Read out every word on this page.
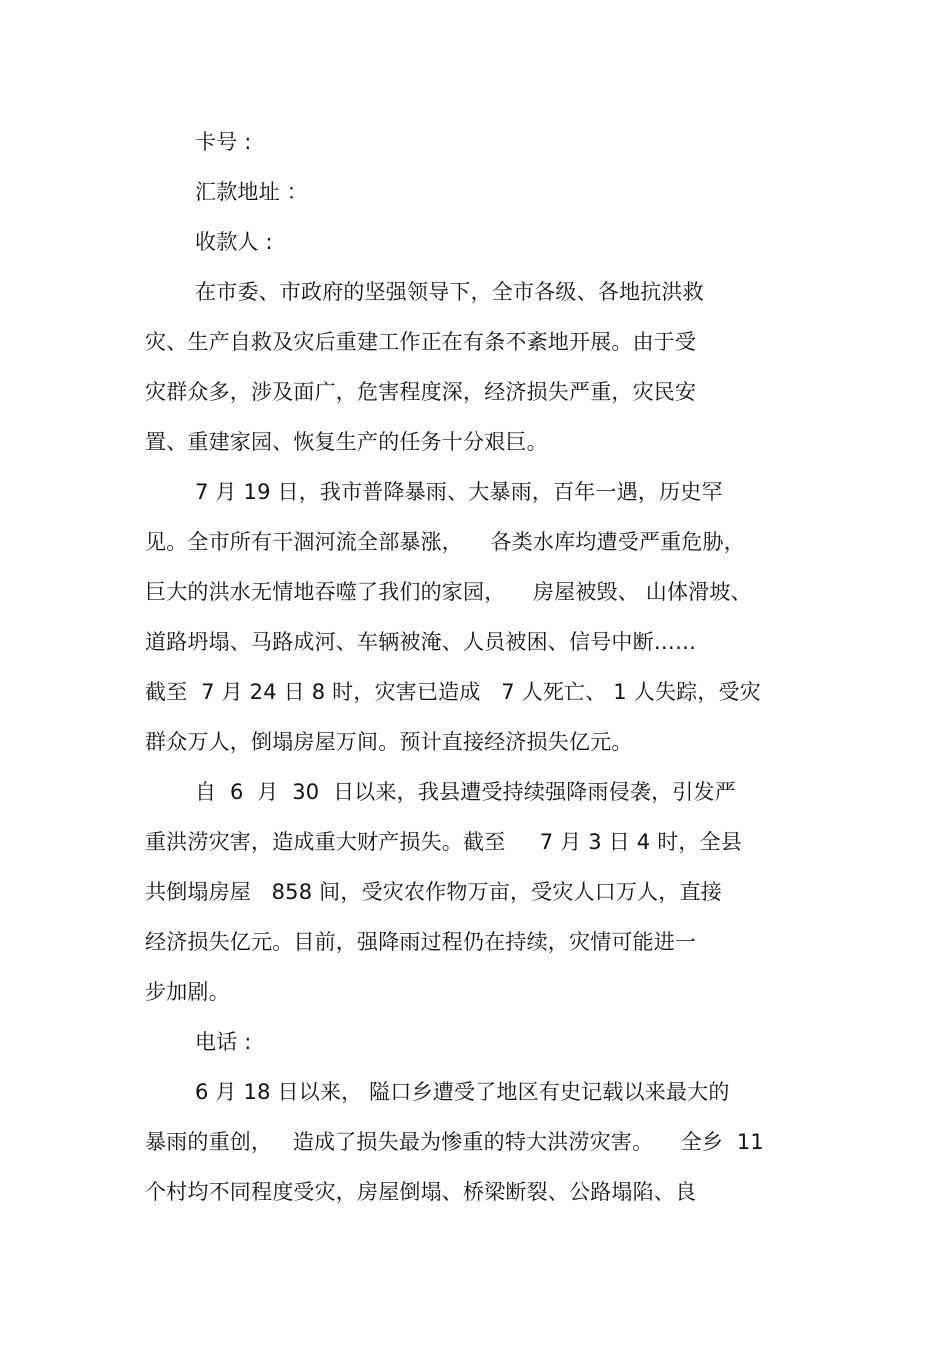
卡号 :
汇款地址 ：
收款人 :
在市委、市政府的坚强领导下，全市各级、各地抗洪救
灾、生产自救及灾后重建工作正在有条不紊地开展。由于受
灾群众多，涉及面广，危害程度深，经济损失严重，灾民安
置、重建家园、恢复生产的任务十分艰巨。
7 月 19 日，我市普降暴雨、大暴雨，百年一遇，历史罕
见。全市所有干涸河流全部暴涨，    各类水库均遭受严重危胁，
巨大的洪水无情地吞噬了我们的家园，    房屋被毁、 山体滑坡、
道路坍塌、马路成河、车辆被淹、人员被困、信号中断……
截至  7 月 24 日 8 时，灾害已造成   7 人死亡、 1 人失踪，受灾
群众万人，倒塌房屋万间。预计直接经济损失亿元。
自  6  月  30  日以来，我县遭受持续强降雨侵袭，引发严
重洪涝灾害，造成重大财产损失。截至     7 月 3 日 4 时，全县
共倒塌房屋   858 间，受灾农作物万亩，受灾人口万人，直接
经济损失亿元。目前，强降雨过程仍在持续，灾情可能进一
步加剧。
电话 :
6 月 18 日以来， 隘口乡遭受了地区有史记载以来最大的
暴雨的重创，   造成了损失最为惨重的特大洪涝灾害。    全乡  11
个村均不同程度受灾，房屋倒塌、桥梁断裂、公路塌陷、良
